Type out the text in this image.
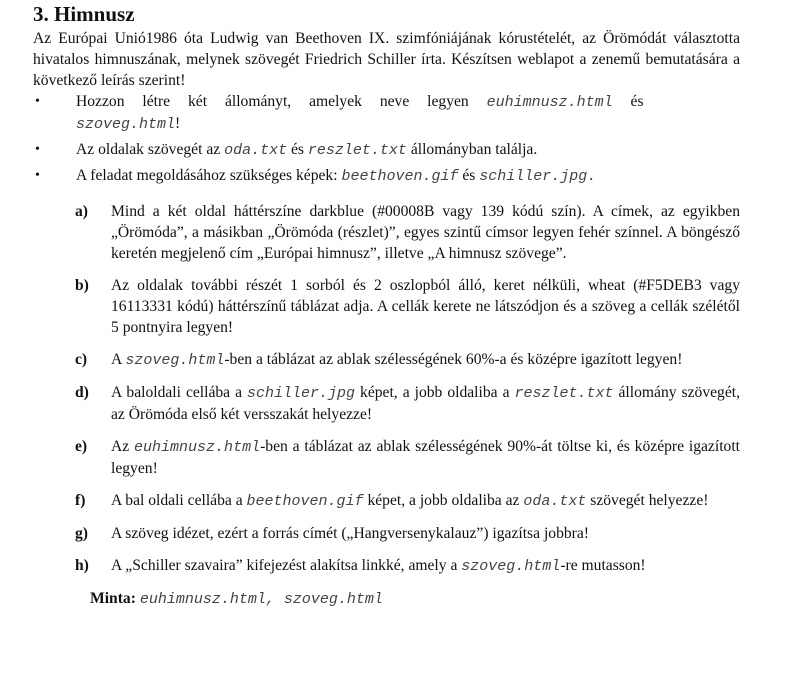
3. Himnusz

Az Európai Unió1986 óta Ludwig van Beethoven IX. szimfóniájának kórustételét, az Örömódát választotta hivatalos himnuszának, melynek szövegét Friedrich Schiller írta. Készítsen weblapot a zenemű bemutatására a következő leírás szerint!

• Hozzon létre két állományt, amelyek neve legyen euhimnusz.html és
szoveg.html!
• Az oldalak szövegét az oda.txt és reszlet.txt állományban találja.
• A feladat megoldásához szükséges képek: beethoven.gif és schiller.jpg.
a) Mind a két oldal háttérszíne darkblue (#00008B vagy 139 kódú szín). A címek, az egyikben „Örömóda”, a másikban „Örömóda (részlet)”, egyes szintű címsor legyen fehér színnel. A böngésző keretén megjelenő cím „Európai himnusz”, illetve „A himnusz szövege”.
b) Az oldalak további részét 1 sorból és 2 oszlopból álló, keret nélküli, wheat (#F5DEB3 vagy 16113331 kódú) háttérszínű táblázat adja. A cellák kerete ne látszódjon és a szöveg a cellák szélétől 5 pontnyira legyen!
c) A szoveg.html-ben a táblázat az ablak szélességének 60%-a és középre igazított legyen!
d) A baloldali cellába a schiller.jpg képet, a jobb oldaliba a reszlet.txt állomány szövegét, az Örömóda első két versszakát helyezze!
e) Az euhimnusz.html-ben a táblázat az ablak szélességének 90%-át töltse ki, és középre igazított legyen!
f) A bal oldali cellába a beethoven.gif képet, a jobb oldaliba az oda.txt szövegét helyezze!
g) A szöveg idézet, ezért a forrás címét („Hangversenykalauz”) igazítsa jobbra!
h) A „Schiller szavaira” kifejezést alakítsa linkké, amely a szoveg.html-re mutasson!
Minta: euhimnusz.html, szoveg.html
